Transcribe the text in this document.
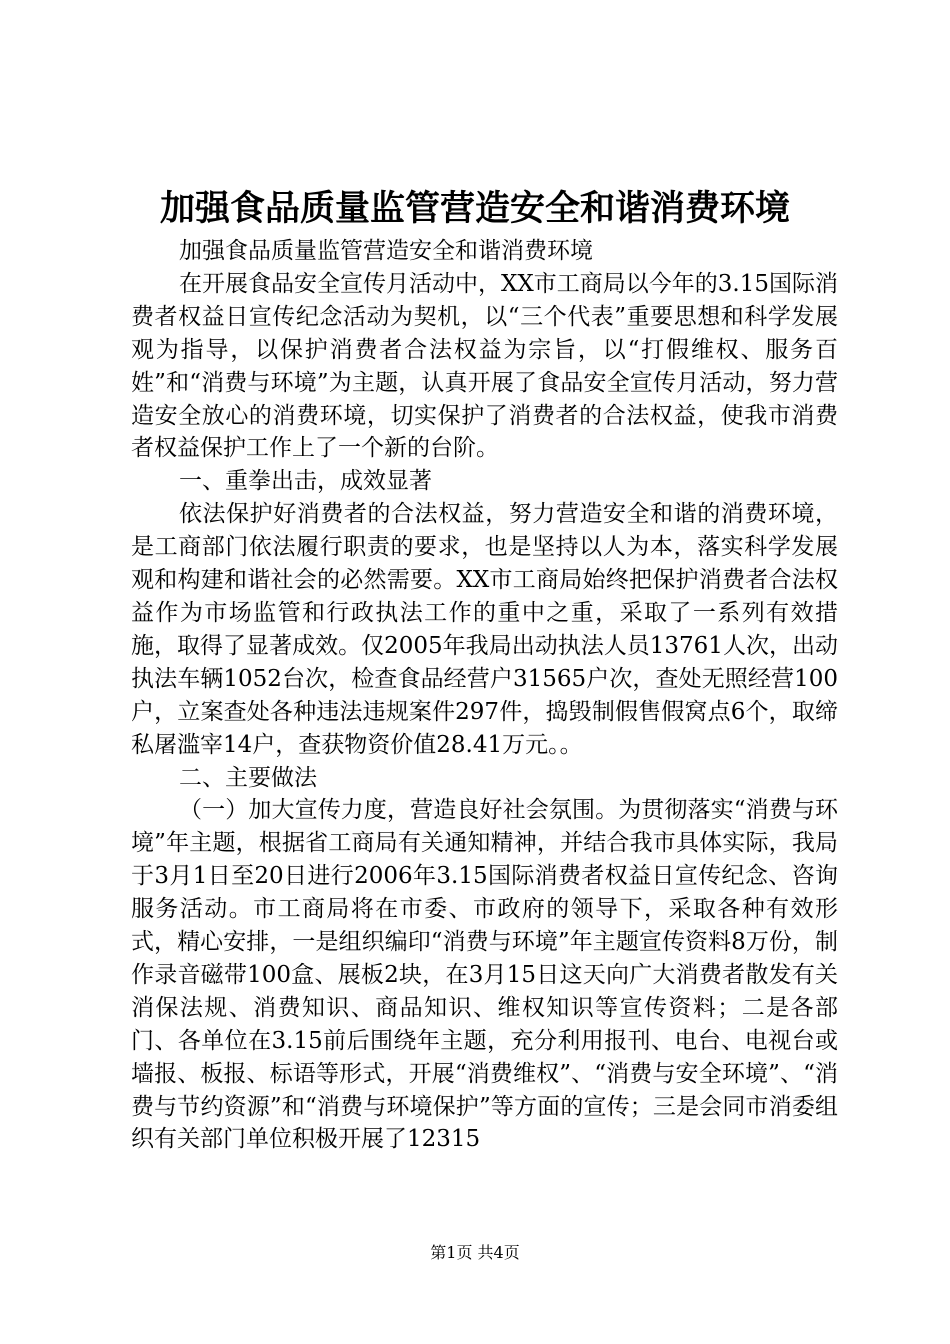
加强食品质量监管营造安全和谐消费环境

加强食品质量监管营造安全和谐消费环境

在开展食品安全宣传月活动中，XX市工商局以今年的3.15国际消费者权益日宣传纪念活动为契机，以“三个代表”重要思想和科学发展观为指导，以保护消费者合法权益为宗旨，以“打假维权、服务百姓”和“消费与环境”为主题，认真开展了食品安全宣传月活动，努力营造安全放心的消费环境，切实保护了消费者的合法权益，使我市消费者权益保护工作上了一个新的台阶。

一、重拳出击，成效显著

依法保护好消费者的合法权益，努力营造安全和谐的消费环境，是工商部门依法履行职责的要求，也是坚持以人为本，落实科学发展观和构建和谐社会的必然需要。XX市工商局始终把保护消费者合法权益作为市场监管和行政执法工作的重中之重，采取了一系列有效措施，取得了显著成效。仅2005年我局出动执法人员13761人次，出动执法车辆1052台次，检查食品经营户31565户次，查处无照经营100户，立案查处各种违法违规案件297件，捣毁制假售假窝点6个，取缔私屠滥宰14户，查获物资价值28.41万元。。

二、主要做法

（一）加大宣传力度，营造良好社会氛围。为贯彻落实“消费与环境”年主题，根据省工商局有关通知精神，并结合我市具体实际，我局于3月1日至20日进行2006年3.15国际消费者权益日宣传纪念、咨询服务活动。市工商局将在市委、市政府的领导下，采取各种有效形式，精心安排，一是组织编印“消费与环境”年主题宣传资料8万份，制作录音磁带100盒、展板2块，在3月15日这天向广大消费者散发有关消保法规、消费知识、商品知识、维权知识等宣传资料；二是各部门、各单位在3.15前后围绕年主题，充分利用报刊、电台、电视台或墙报、板报、标语等形式，开展“消费维权”、“消费与安全环境”、“消费与节约资源”和“消费与环境保护”等方面的宣传；三是会同市消委组织有关部门单位积极开展了12315

第1页 共4页
